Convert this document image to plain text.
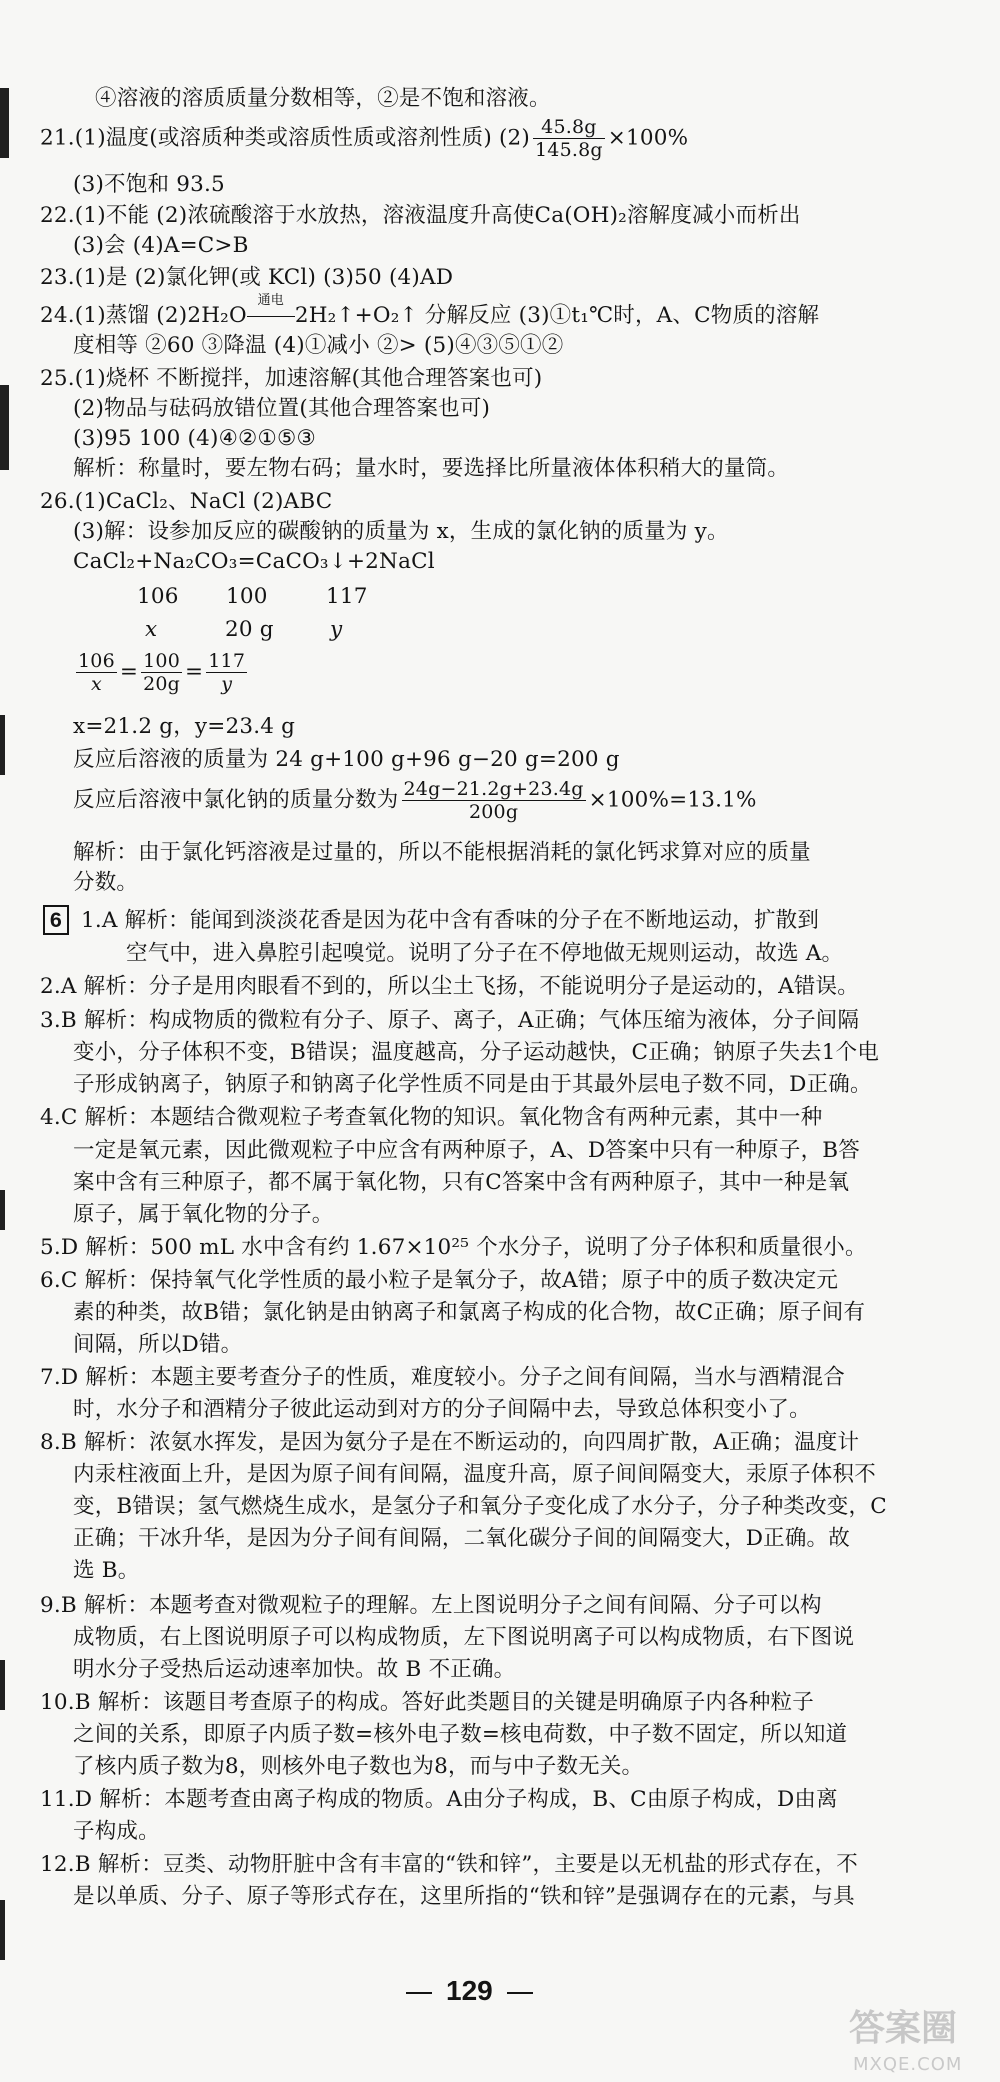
④溶液的溶质质量分数相等，②是不饱和溶液。
21.(1)温度(或溶质种类或溶质性质或溶剂性质) $(2) \frac{45.8g}{145.8g} \times 100\%$
(3)不饱和 93.5
22.(1)不能 (2)浓硫酸溶于水放热，溶液温度升高使Ca(OH)₂溶解度减小而析出
(3)会 (4)A=C>B
23.(1)是 (2)氯化钾(或 KCl) (3)50 (4)AD
24.(1)蒸馏 (2)2H₂O
通电
2H₂↑+O₂↑ 分解反应 (3)①t₁℃时，A、C物质的溶解
度相等 ②60 ③降温 (4)①减小 ②> (5)④③⑤①②
25.(1)烧杯 不断搅拌，加速溶解(其他合理答案也可)
(2)物品与砝码放错位置(其他合理答案也可)
(3)95 100 (4)④②①⑤③
解析：称量时，要左物右码；量水时，要选择比所量液体体积稍大的量筒。
26.(1)CaCl₂、NaCl (2)ABC
(3)解：设参加反应的碳酸钠的质量为 x，生成的氯化钠的质量为 y。
CaCl₂+Na₂CO₃=CaCO₃↓+2NaCl
106 100	117
x	20 g	y
$\frac{106}{x} = \frac{100}{20g} = \frac{117}{y}$
x=21.2 g，y=23.4 g
反应后溶液的质量为 24 g+100 g+96 g−20 g=200 g
反应后溶液中氯化钠的质量分数为 $\frac{24g-21.2g+23.4g}{200g} \times 100\%=13.1\%$
解析：由于氯化钙溶液是过量的，所以不能根据消耗的氯化钙求算对应的质量
分数。
6 1.A 解析：能闻到淡淡花香是因为花中含有香味的分子在不断地运动，扩散到
空气中，进入鼻腔引起嗅觉。说明了分子在不停地做无规则运动，故选 A。
2.A 解析：分子是用肉眼看不到的，所以尘土飞扬，不能说明分子是运动的，A错误。
3.B 解析：构成物质的微粒有分子、原子、离子，A正确；气体压缩为液体，分子间隔
变小，分子体积不变，B错误；温度越高，分子运动越快，C正确；钠原子失去1个电
子形成钠离子，钠原子和钠离子化学性质不同是由于其最外层电子数不同，D正确。
4.C 解析：本题结合微观粒子考查氧化物的知识。氧化物含有两种元素，其中一种
一定是氧元素，因此微观粒子中应含有两种原子，A、D答案中只有一种原子，B答
案中含有三种原子，都不属于氧化物，只有C答案中含有两种原子，其中一种是氧
原子，属于氧化物的分子。
5.D 解析：500 mL 水中含有约 1.67×10²⁵ 个水分子，说明了分子体积和质量很小。
6.C 解析：保持氧气化学性质的最小粒子是氧分子，故A错；原子中的质子数决定元
素的种类，故B错；氯化钠是由钠离子和氯离子构成的化合物，故C正确；原子间有
间隔，所以D错。
7.D 解析：本题主要考查分子的性质，难度较小。分子之间有间隔，当水与酒精混合
时，水分子和酒精分子彼此运动到对方的分子间隔中去，导致总体积变小了。
8.B 解析：浓氨水挥发，是因为氨分子是在不断运动的，向四周扩散，A正确；温度计
内汞柱液面上升，是因为原子间有间隔，温度升高，原子间间隔变大，汞原子体积不
变，B错误；氢气燃烧生成水，是氢分子和氧分子变化成了水分子，分子种类改变，C
正确；干冰升华，是因为分子间有间隔，二氧化碳分子间的间隔变大，D正确。故
选 B。
9.B 解析：本题考查对微观粒子的理解。左上图说明分子之间有间隔、分子可以构
成物质，右上图说明原子可以构成物质，左下图说明离子可以构成物质，右下图说
明水分子受热后运动速率加快。故 B 不正确。
10.B 解析：该题目考查原子的构成。答好此类题目的关键是明确原子内各种粒子
之间的关系，即原子内质子数=核外电子数=核电荷数，中子数不固定，所以知道
了核内质子数为8，则核外电子数也为8，而与中子数无关。
11.D 解析：本题考查由离子构成的物质。A由分子构成，B、C由原子构成，D由离
子构成。
12.B 解析：豆类、动物肝脏中含有丰富的“铁和锌”，主要是以无机盐的形式存在，不
是以单质、分子、原子等形式存在，这里所指的“铁和锌”是强调存在的元素，与具
129
答案圈
MXQE.COM
